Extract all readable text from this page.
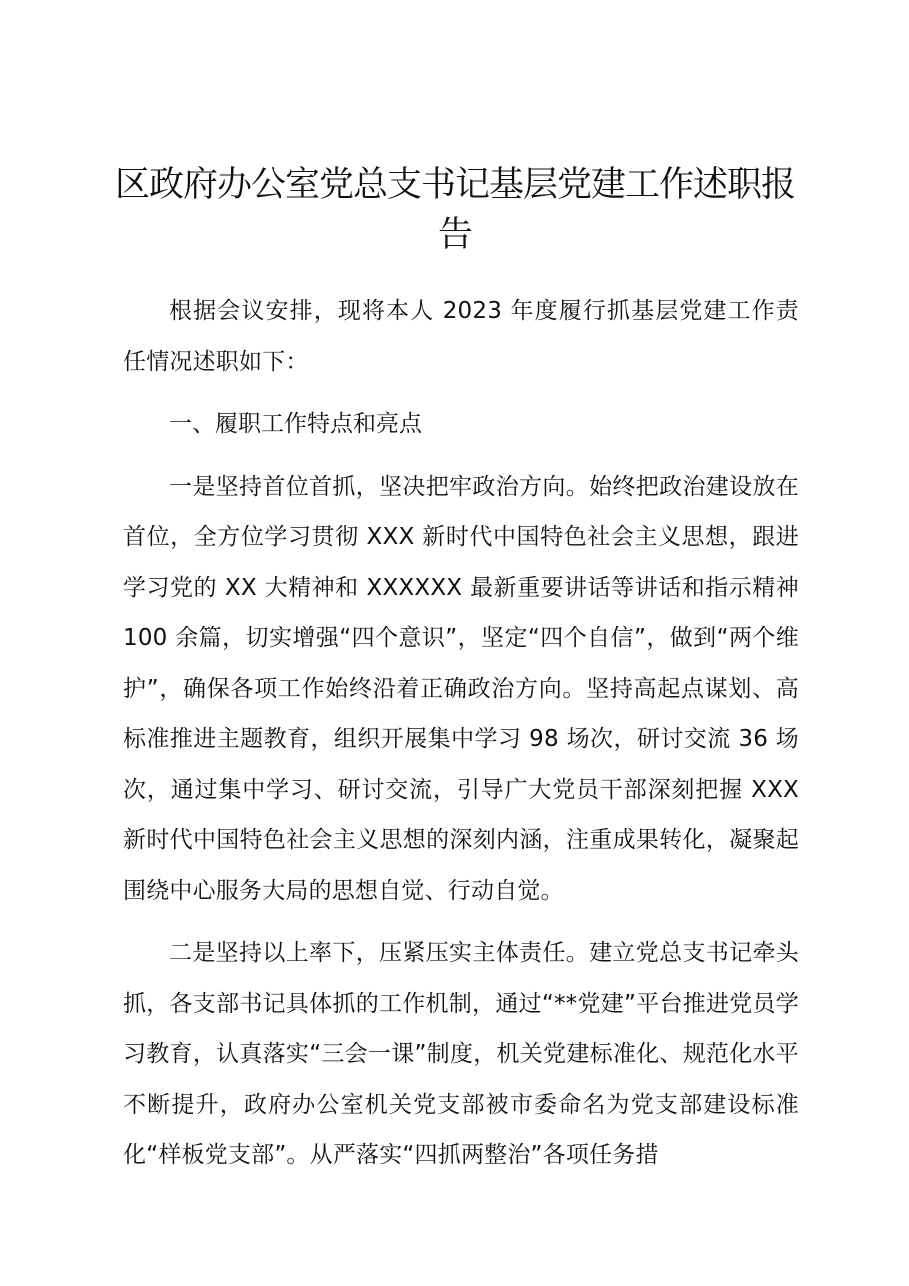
区政府办公室党总支书记基层党建工作述职报告

根据会议安排，现将本人 2023 年度履行抓基层党建工作责任情况述职如下：

一、履职工作特点和亮点

一是坚持首位首抓，坚决把牢政治方向。始终把政治建设放在首位，全方位学习贯彻 XXX 新时代中国特色社会主义思想，跟进学习党的 XX 大精神和 XXXXXX 最新重要讲话等讲话和指示精神 100 余篇，切实增强“四个意识”，坚定“四个自信”，做到“两个维护”，确保各项工作始终沿着正确政治方向。坚持高起点谋划、高标准推进主题教育，组织开展集中学习 98 场次，研讨交流 36 场次，通过集中学习、研讨交流，引导广大党员干部深刻把握 XXX 新时代中国特色社会主义思想的深刻内涵，注重成果转化，凝聚起围绕中心服务大局的思想自觉、行动自觉。

二是坚持以上率下，压紧压实主体责任。建立党总支书记牵头抓，各支部书记具体抓的工作机制，通过“**党建”平台推进党员学习教育，认真落实“三会一课”制度，机关党建标准化、规范化水平不断提升，政府办公室机关党支部被市委命名为党支部建设标准化“样板党支部”。从严落实“四抓两整治”各项任务措
